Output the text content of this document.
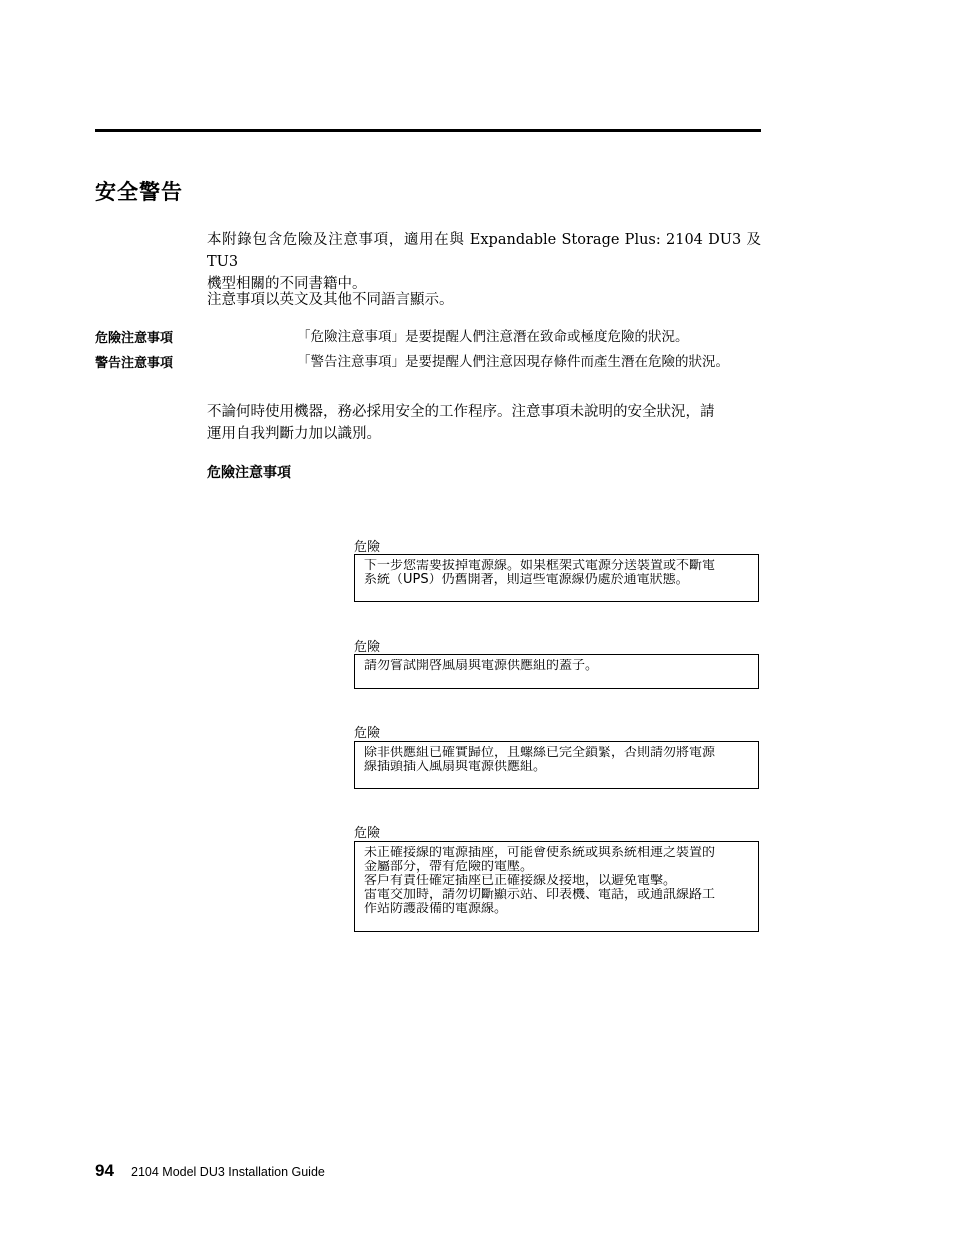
安全警告
本附錄包含危險及注意事項，適用在與 Expandable Storage Plus: 2104 DU3 及 TU3
機型相關的不同書籍中。
注意事項以英文及其他不同語言顯示。
危險注意事項	「危險注意事項」是要提醒人們注意潛在致命或極度危險的狀況。
警告注意事項	「警告注意事項」是要提醒人們注意因現存條件而產生潛在危險的狀況。
不論何時使用機器，務必採用安全的工作程序。注意事項未說明的安全狀況，請
運用自我判斷力加以識別。
危險注意事項
危險
下一步您需要拔掉電源線。如果框架式電源分送裝置或不斷電
系統（UPS）仍舊開著，則這些電源線仍處於通電狀態。
危險
請勿嘗試開啓風扇與電源供應組的蓋子。
危險
除非供應組已確實歸位，且螺絲已完全鎖緊，否則請勿將電源
線插頭插入風扇與電源供應組。
危險
未正確接線的電源插座，可能會使系統或與系統相連之裝置的
金屬部分，帶有危險的電壓。
客戶有責任確定插座已正確接線及接地，以避免電擊。
雷電交加時，請勿切斷顯示站、印表機、電話，或通訊線路工
作站防護設備的電源線。
94 2104 Model DU3 Installation Guide
